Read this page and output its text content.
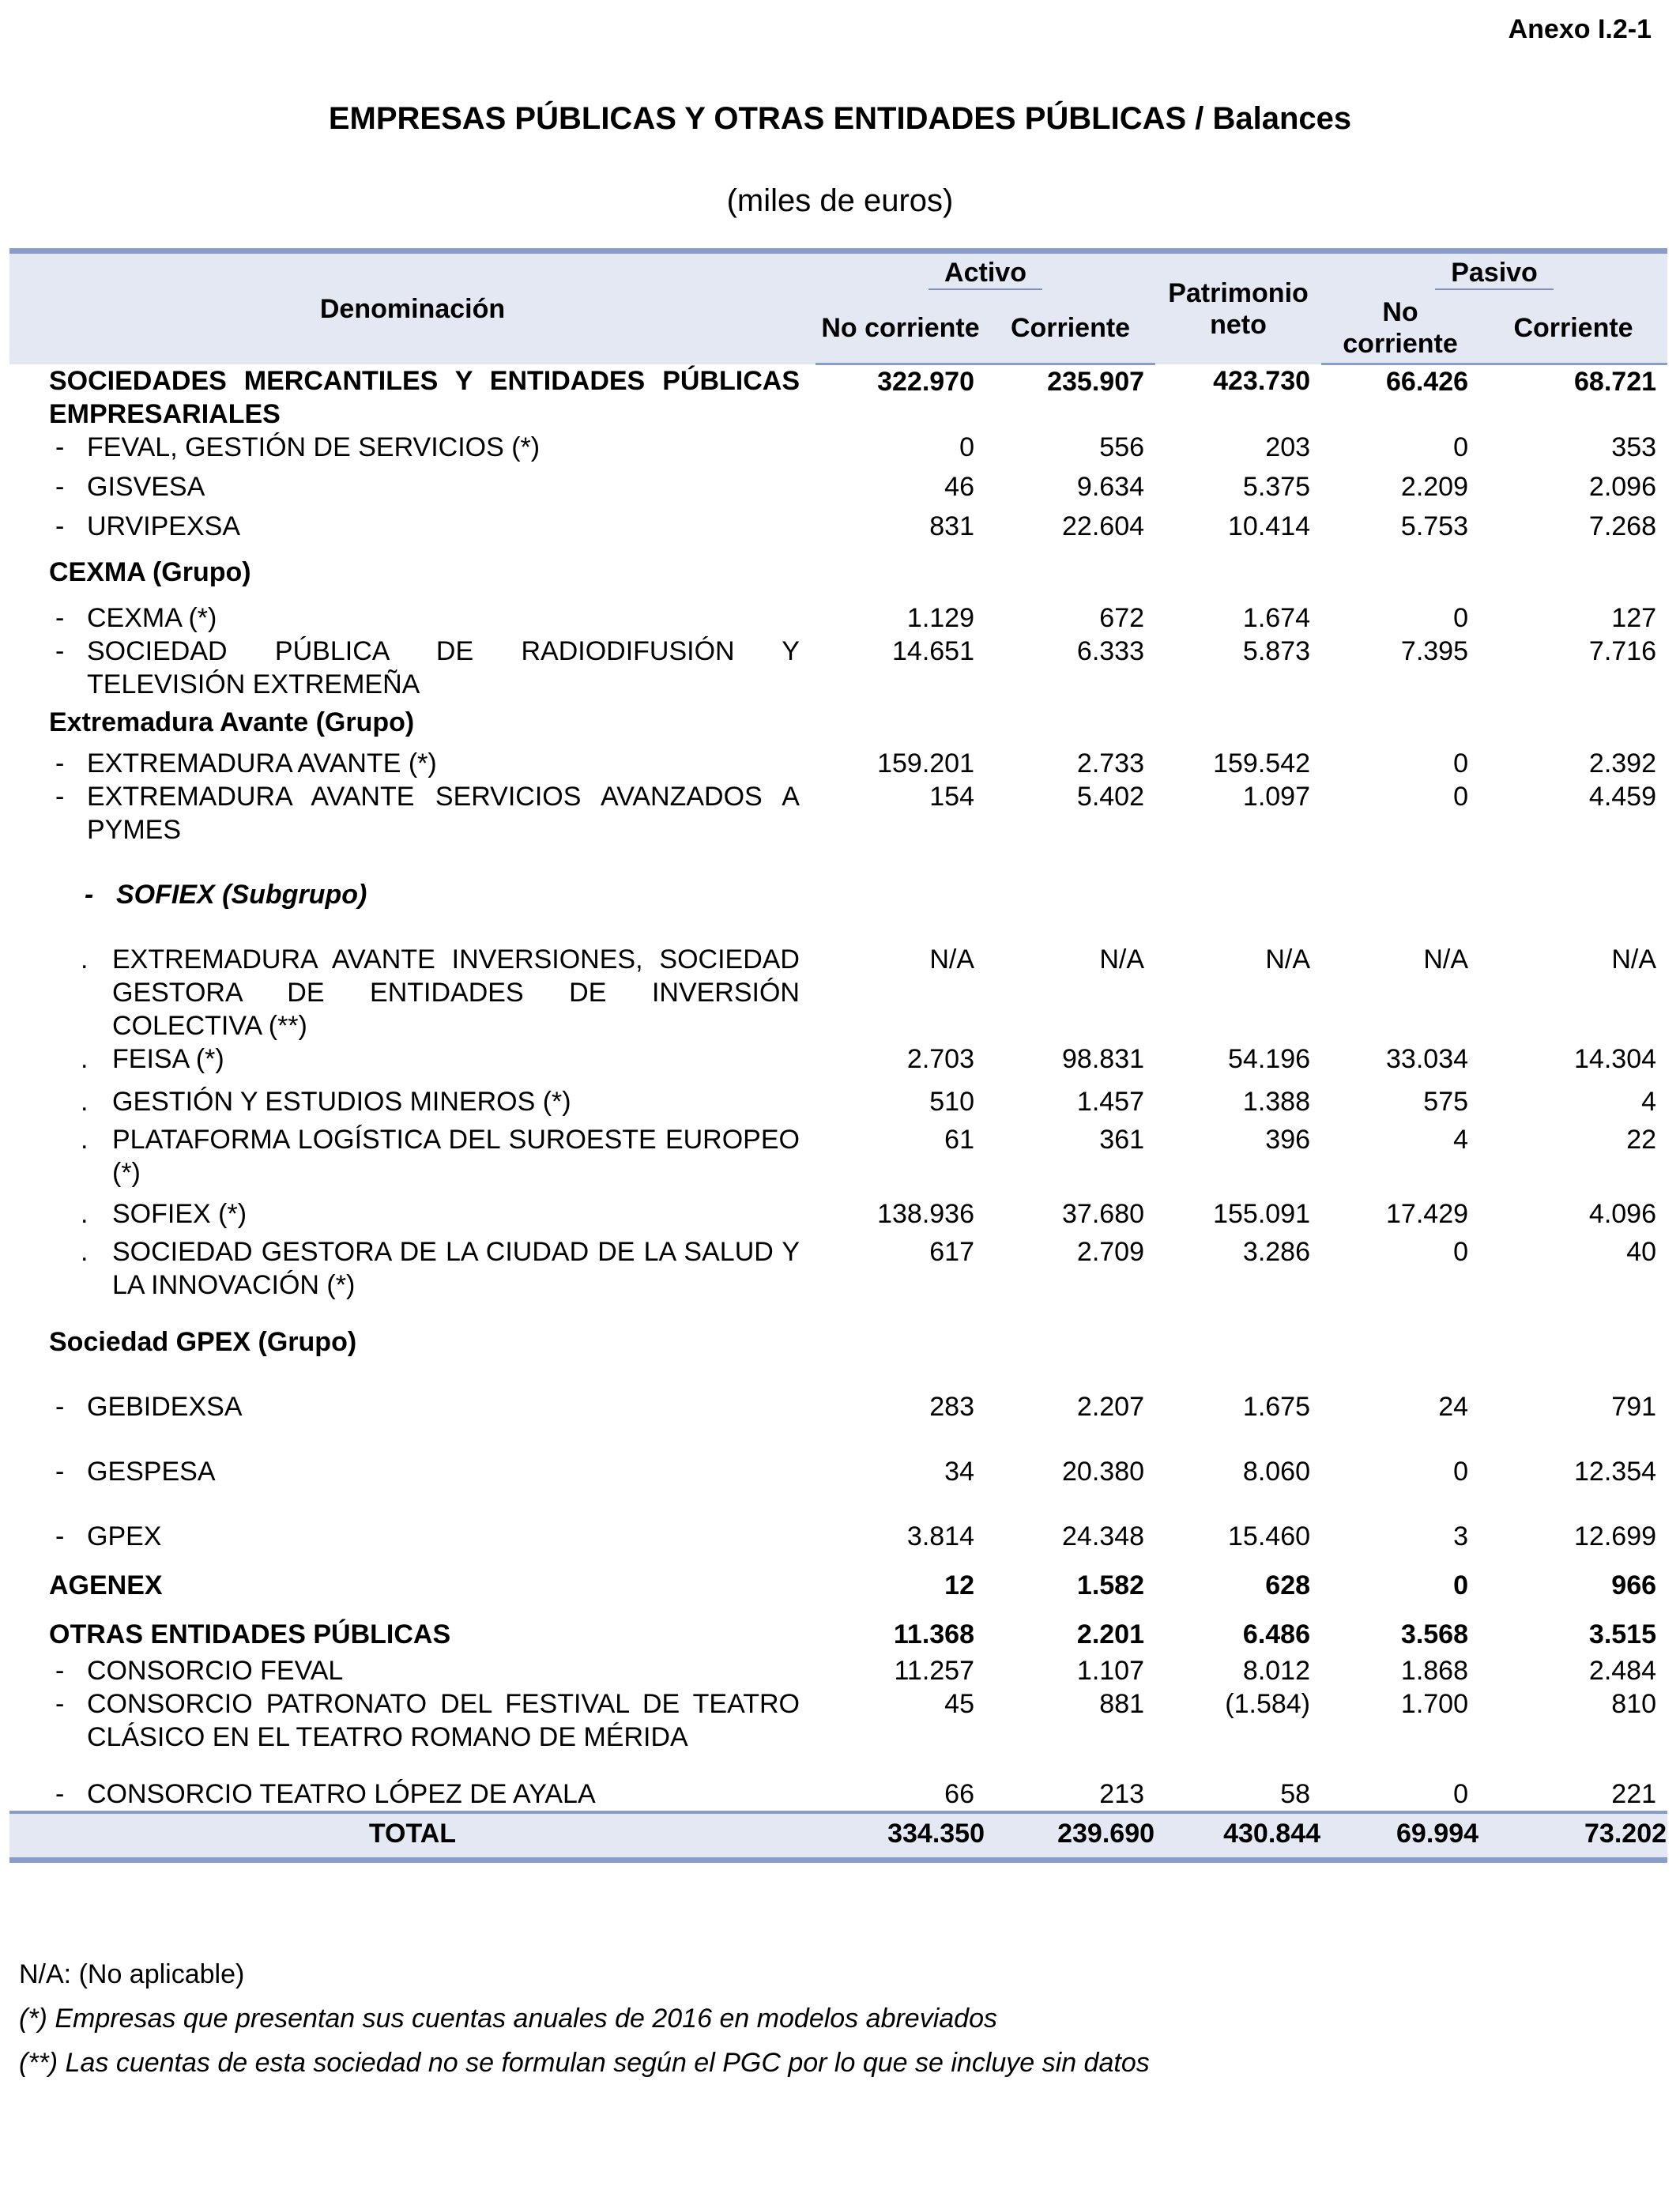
Anexo I.2-1
EMPRESAS PÚBLICAS Y OTRAS ENTIDADES PÚBLICAS / Balances
(miles de euros)
Denominación	Activo		Patrimonio neto	Pasivo	
	No corriente	Corriente		No corriente	Corriente

SOCIEDADES MERCANTILES Y ENTIDADES PÚBLICAS EMPRESARIALES	322.970	235.907	423.730	66.426	68.721

- FEVAL, GESTIÓN DE SERVICIOS (*)	0	556	203	0	353

- GISVESA	46	9.634	5.375	2.209	2.096

- URVIPEXSA	831	22.604	10.414	5.753	7.268

CEXMA (Grupo)					

- CEXMA (*)	1.129	672	1.674	0	127

- SOCIEDAD PÚBLICA DE RADIODIFUSIÓN Y TELEVISIÓN EXTREMEÑA	14.651	6.333	5.873	7.395	7.716

Extremadura Avante (Grupo)					

- EXTREMADURA AVANTE (*)	159.201	2.733	159.542	0	2.392

- EXTREMADURA AVANTE SERVICIOS AVANZADOS A PYMES	154	5.402	1.097	0	4.459

- SOFIEX (Subgrupo)					

. EXTREMADURA AVANTE INVERSIONES, SOCIEDAD GESTORA DE ENTIDADES DE INVERSIÓN COLECTIVA (**)	N/A	N/A	N/A	N/A	N/A

. FEISA (*)	2.703	98.831	54.196	33.034	14.304

. GESTIÓN Y ESTUDIOS MINEROS (*)	510	1.457	1.388	575	4

. PLATAFORMA LOGÍSTICA DEL SUROESTE EUROPEO (*)	61	361	396	4	22

. SOFIEX (*)	138.936	37.680	155.091	17.429	4.096

. SOCIEDAD GESTORA DE LA CIUDAD DE LA SALUD Y LA INNOVACIÓN (*)	617	2.709	3.286	0	40

Sociedad GPEX (Grupo)					

- GEBIDEXSA	283	2.207	1.675	24	791

- GESPESA	34	20.380	8.060	0	12.354

- GPEX	3.814	24.348	15.460	3	12.699

AGENEX	12	1.582	628	0	966

OTRAS ENTIDADES PÚBLICAS	11.368	2.201	6.486	3.568	3.515

- CONSORCIO FEVAL	11.257	1.107	8.012	1.868	2.484

- CONSORCIO PATRONATO DEL FESTIVAL DE TEATRO CLÁSICO EN EL TEATRO ROMANO DE MÉRIDA	45	881	(1.584)	1.700	810

- CONSORCIO TEATRO LÓPEZ DE AYALA	66	213	58	0	221
TOTAL	334.350	239.690	430.844	69.994	73.202
N/A: (No aplicable)
(*) Empresas que presentan sus cuentas anuales de 2016 en modelos abreviados
(**) Las cuentas de esta sociedad no se formulan según el PGC por lo que se incluye sin datos
